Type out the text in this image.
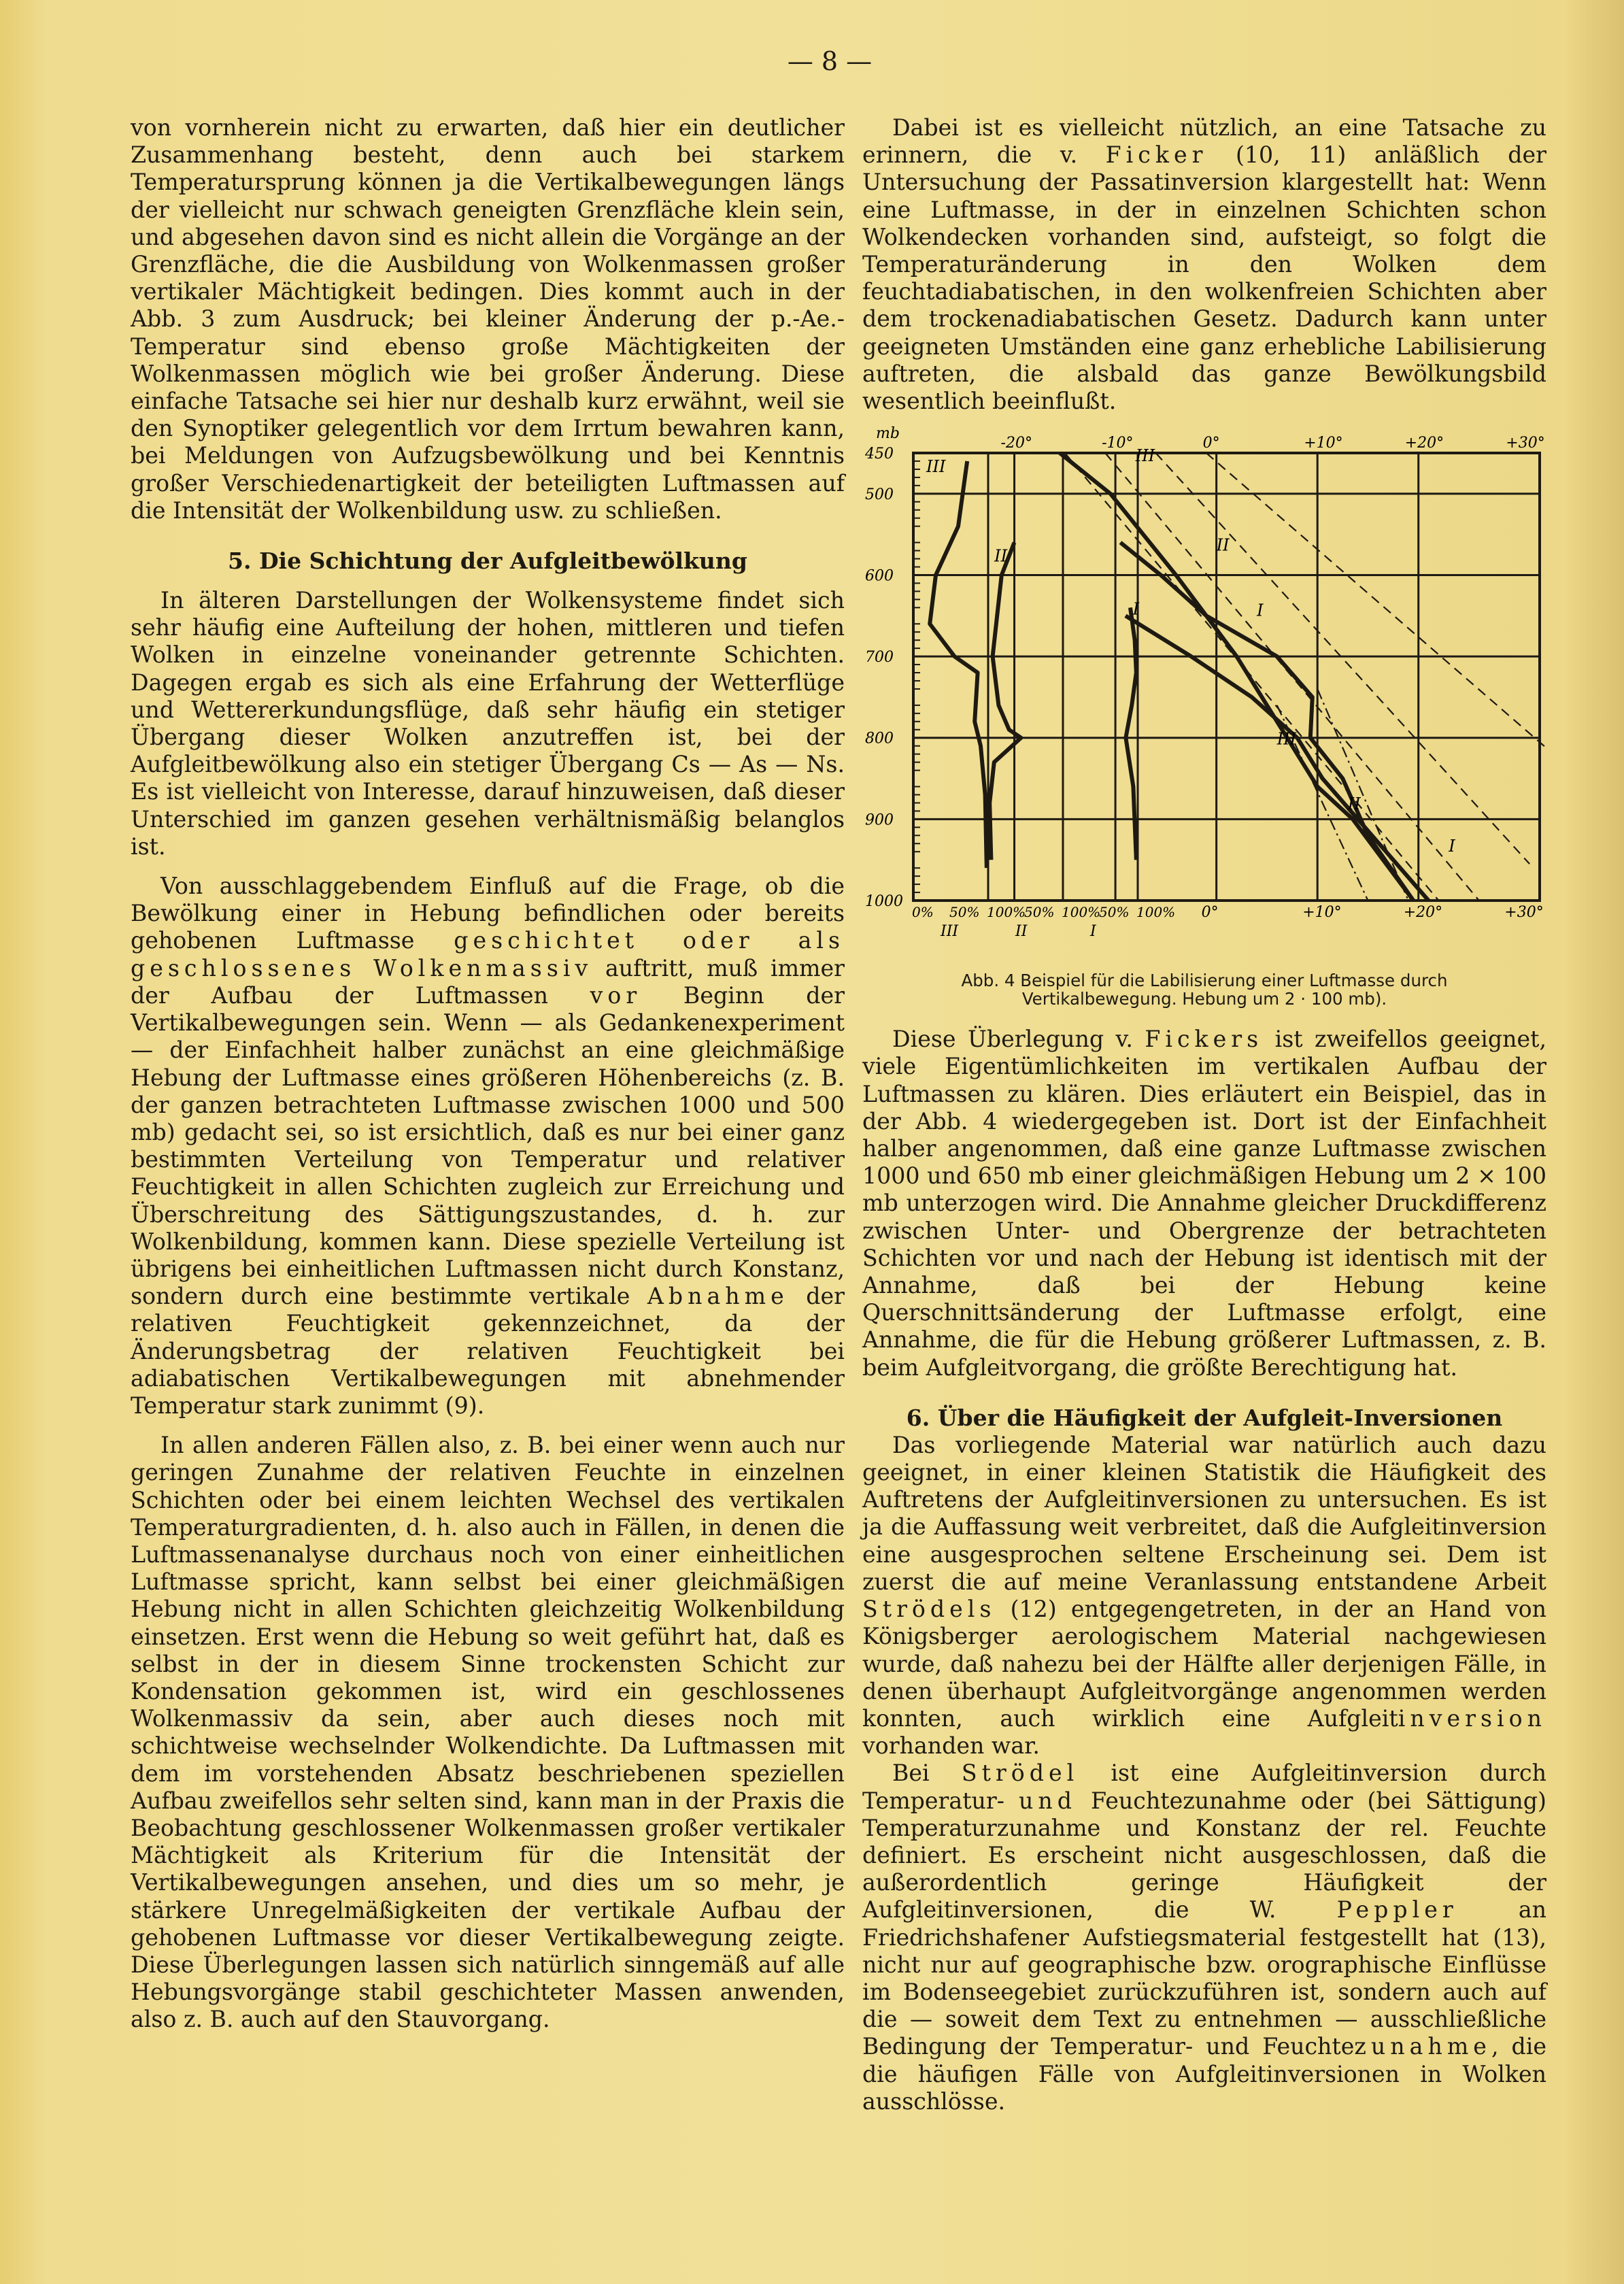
— 8 —

von vornherein nicht zu erwarten, daß hier ein deutlicher Zusammenhang besteht, denn auch bei starkem Temperatursprung können ja die Vertikalbewegungen längs der vielleicht nur schwach geneigten Grenzfläche klein sein, und abgesehen davon sind es nicht allein die Vorgänge an der Grenzfläche, die die Ausbildung von Wolkenmassen großer vertikaler Mächtigkeit bedingen. Dies kommt auch in der Abb. 3 zum Ausdruck; bei kleiner Änderung der p.-Ae.-Temperatur sind ebenso große Mächtigkeiten der Wolkenmassen möglich wie bei großer Änderung. Diese einfache Tatsache sei hier nur deshalb kurz erwähnt, weil sie den Synoptiker gelegentlich vor dem Irrtum bewahren kann, bei Meldungen von Aufzugsbewölkung und bei Kenntnis großer Verschiedenartigkeit der beteiligten Luftmassen auf die Intensität der Wolkenbildung usw. zu schließen.

5. Die Schichtung der Aufgleitbewölkung

In älteren Darstellungen der Wolkensysteme findet sich sehr häufig eine Aufteilung der hohen, mittleren und tiefen Wolken in einzelne voneinander getrennte Schichten. Dagegen ergab es sich als eine Erfahrung der Wetterflüge und Wettererkundungsflüge, daß sehr häufig ein stetiger Übergang dieser Wolken anzutreffen ist, bei der Aufgleitbewölkung also ein stetiger Übergang Cs — As — Ns. Es ist vielleicht von Interesse, darauf hinzuweisen, daß dieser Unterschied im ganzen gesehen verhältnismäßig belanglos ist.

Von ausschlaggebendem Einfluß auf die Frage, ob die Bewölkung einer in Hebung befindlichen oder bereits gehobenen Luftmasse geschichtet oder als geschlossenes Wolkenmassiv auftritt, muß immer der Aufbau der Luftmassen vor Beginn der Vertikalbewegungen sein. Wenn — als Gedankenexperiment — der Einfachheit halber zunächst an eine gleichmäßige Hebung der Luftmasse eines größeren Höhenbereichs (z. B. der ganzen betrachteten Luftmasse zwischen 1000 und 500 mb) gedacht sei, so ist ersichtlich, daß es nur bei einer ganz bestimmten Verteilung von Temperatur und relativer Feuchtigkeit in allen Schichten zugleich zur Erreichung und Überschreitung des Sättigungszustandes, d. h. zur Wolkenbildung, kommen kann. Diese spezielle Verteilung ist übrigens bei einheitlichen Luftmassen nicht durch Konstanz, sondern durch eine bestimmte vertikale Abnahme der relativen Feuchtigkeit gekennzeichnet, da der Änderungsbetrag der relativen Feuchtigkeit bei adiabatischen Vertikalbewegungen mit abnehmender Temperatur stark zunimmt (9).

In allen anderen Fällen also, z. B. bei einer wenn auch nur geringen Zunahme der relativen Feuchte in einzelnen Schichten oder bei einem leichten Wechsel des vertikalen Temperaturgradienten, d. h. also auch in Fällen, in denen die Luftmassenanalyse durchaus noch von einer einheitlichen Luftmasse spricht, kann selbst bei einer gleichmäßigen Hebung nicht in allen Schichten gleichzeitig Wolkenbildung einsetzen. Erst wenn die Hebung so weit geführt hat, daß es selbst in der in diesem Sinne trockensten Schicht zur Kondensation gekommen ist, wird ein geschlossenes Wolkenmassiv da sein, aber auch dieses noch mit schichtweise wechselnder Wolkendichte. Da Luftmassen mit dem im vorstehenden Absatz beschriebenen speziellen Aufbau zweifellos sehr selten sind, kann man in der Praxis die Beobachtung geschlossener Wolkenmassen großer vertikaler Mächtigkeit als Kriterium für die Intensität der Vertikalbewegungen ansehen, und dies um so mehr, je stärkere Unregelmäßigkeiten der vertikale Aufbau der gehobenen Luftmasse vor dieser Vertikalbewegung zeigte. Diese Überlegungen lassen sich natürlich sinngemäß auf alle Hebungsvorgänge stabil geschichteter Massen anwenden, also z. B. auch auf den Stauvorgang.

Dabei ist es vielleicht nützlich, an eine Tatsache zu erinnern, die v. Ficker (10, 11) anläßlich der Untersuchung der Passatinversion klargestellt hat: Wenn eine Luftmasse, in der in einzelnen Schichten schon Wolkendecken vorhanden sind, aufsteigt, so folgt die Temperaturänderung in den Wolken dem feuchtadiabatischen, in den wolkenfreien Schichten aber dem trockenadiabatischen Gesetz. Dadurch kann unter geeigneten Umständen eine ganz erhebliche Labilisierung auftreten, die alsbald das ganze Bewölkungsbild wesentlich beeinflußt.

mb
450
500
600
700
800
900
1000
-20°	-10°	0°	+10°	+20°	+30°
0°	+10°	+20°	+30°
0% 50% 100%
50% 100%
50% 100%
III	II	I
III
II
I
III
II
I
III
II
I
Abb. 4 Beispiel für die Labilisierung einer Luftmasse durch
Vertikalbewegung. Hebung um 2 · 100 mb).

Diese Überlegung v. Fickers ist zweifellos geeignet, viele Eigentümlichkeiten im vertikalen Aufbau der Luftmassen zu klären. Dies erläutert ein Beispiel, das in der Abb. 4 wiedergegeben ist. Dort ist der Einfachheit halber angenommen, daß eine ganze Luftmasse zwischen 1000 und 650 mb einer gleichmäßigen Hebung um 2 × 100 mb unterzogen wird. Die Annahme gleicher Druckdifferenz zwischen Unter- und Obergrenze der betrachteten Schichten vor und nach der Hebung ist identisch mit der Annahme, daß bei der Hebung keine Querschnittsänderung der Luftmasse erfolgt, eine Annahme, die für die Hebung größerer Luftmassen, z. B. beim Aufgleitvorgang, die größte Berechtigung hat.

6. Über die Häufigkeit der Aufgleit-Inversionen

Das vorliegende Material war natürlich auch dazu geeignet, in einer kleinen Statistik die Häufigkeit des Auftretens der Aufgleitinversionen zu untersuchen. Es ist ja die Auffassung weit verbreitet, daß die Aufgleitinversion eine ausgesprochen seltene Erscheinung sei. Dem ist zuerst die auf meine Veranlassung entstandene Arbeit Strödels (12) entgegengetreten, in der an Hand von Königsberger aerologischem Material nachgewiesen wurde, daß nahezu bei der Hälfte aller derjenigen Fälle, in denen überhaupt Aufgleitvorgänge angenommen werden konnten, auch wirklich eine Aufgleitinversion vorhanden war.

Bei Strödel ist eine Aufgleitinversion durch Temperatur- und Feuchtezunahme oder (bei Sättigung) Temperaturzunahme und Konstanz der rel. Feuchte definiert. Es erscheint nicht ausgeschlossen, daß die außerordentlich geringe Häufigkeit der Aufgleitinversionen, die W. Peppler an Friedrichshafener Aufstiegsmaterial festgestellt hat (13), nicht nur auf geographische bzw. orographische Einflüsse im Bodenseegebiet zurückzuführen ist, sondern auch auf die — soweit dem Text zu entnehmen — ausschließliche Bedingung der Temperatur- und Feuchtezunahme, die die häufigen Fälle von Aufgleitinversionen in Wolken ausschlösse.
